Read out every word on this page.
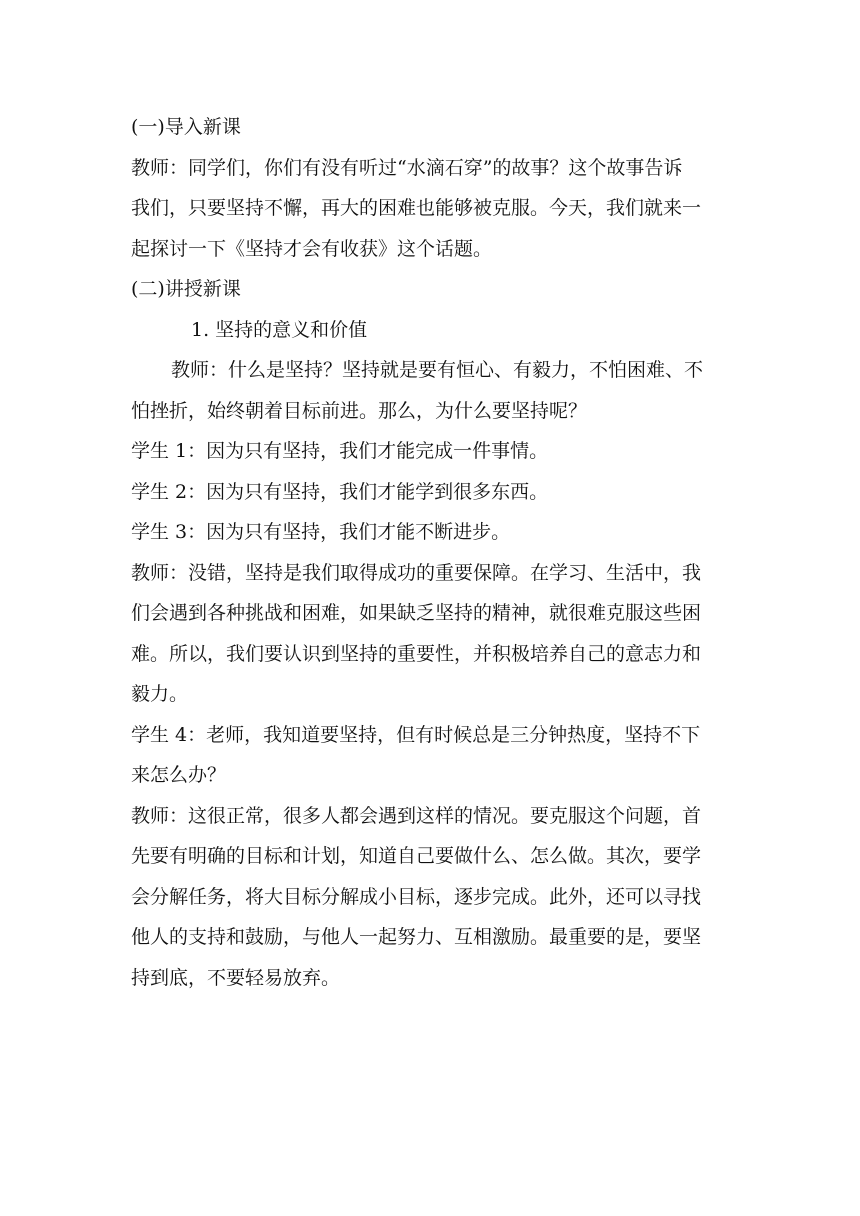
(一)导入新课
教师：同学们，你们有没有听过“水滴石穿”的故事？这个故事告诉
我们，只要坚持不懈，再大的困难也能够被克服。今天，我们就来一
起探讨一下《坚持才会有收获》这个话题。
(二)讲授新课
1. 坚持的意义和价值
教师：什么是坚持？坚持就是要有恒心、有毅力，不怕困难、不
怕挫折，始终朝着目标前进。那么，为什么要坚持呢？
学生 1：因为只有坚持，我们才能完成一件事情。
学生 2：因为只有坚持，我们才能学到很多东西。
学生 3：因为只有坚持，我们才能不断进步。
教师：没错，坚持是我们取得成功的重要保障。在学习、生活中，我
们会遇到各种挑战和困难，如果缺乏坚持的精神，就很难克服这些困
难。所以，我们要认识到坚持的重要性，并积极培养自己的意志力和
毅力。
学生 4：老师，我知道要坚持，但有时候总是三分钟热度，坚持不下
来怎么办？
教师：这很正常，很多人都会遇到这样的情况。要克服这个问题，首
先要有明确的目标和计划，知道自己要做什么、怎么做。其次，要学
会分解任务，将大目标分解成小目标，逐步完成。此外，还可以寻找
他人的支持和鼓励，与他人一起努力、互相激励。最重要的是，要坚
持到底，不要轻易放弃。
